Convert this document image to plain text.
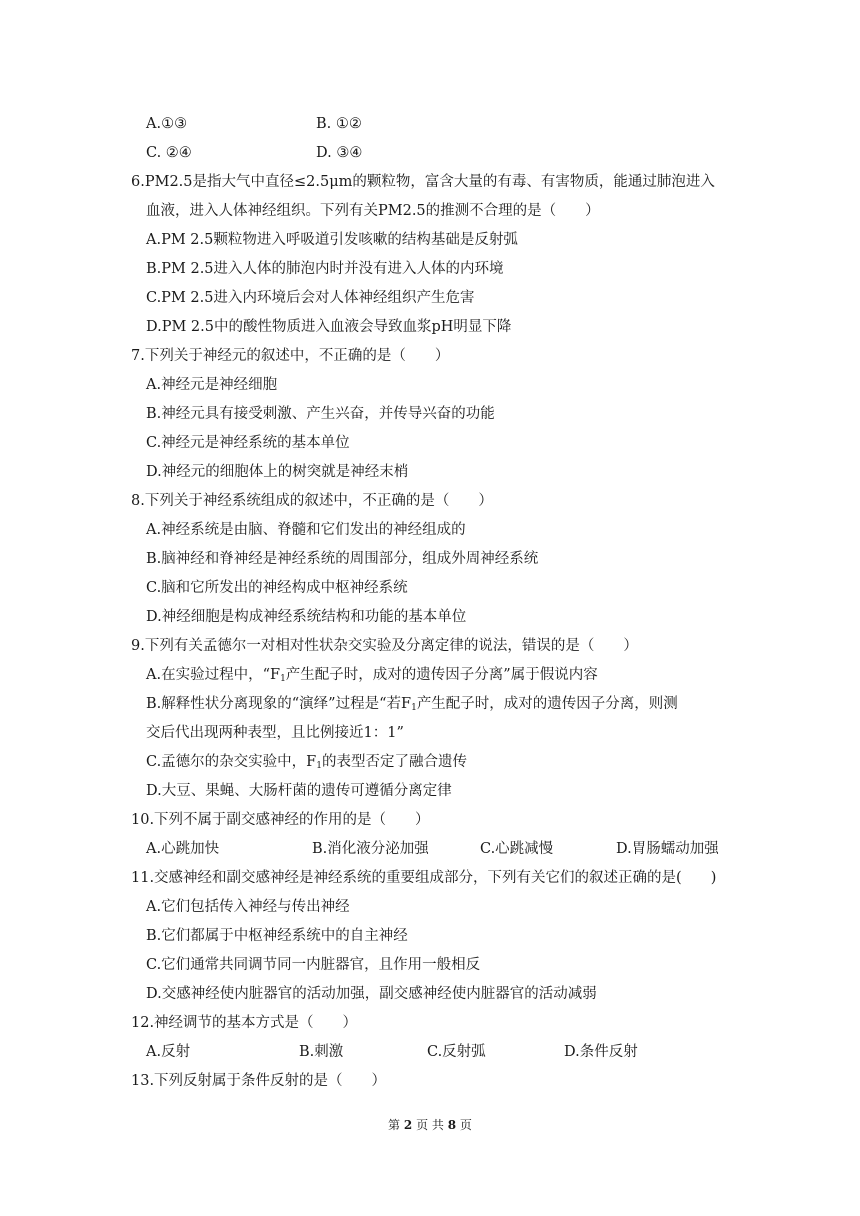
A.①③	B. ①②
C. ②④	D. ③④
6.PM2.5是指大气中直径≤2.5μm的颗粒物，富含大量的有毒、有害物质，能通过肺泡进入
血液，进入人体神经组织。下列有关PM2.5的推测不合理的是（　　）
A.PM 2.5颗粒物进入呼吸道引发咳嗽的结构基础是反射弧
B.PM 2.5进入人体的肺泡内时并没有进入人体的内环境
C.PM 2.5进入内环境后会对人体神经组织产生危害
D.PM 2.5中的酸性物质进入血液会导致血浆pH明显下降
7.下列关于神经元的叙述中，不正确的是（　　）
A.神经元是神经细胞
B.神经元具有接受刺激、产生兴奋，并传导兴奋的功能
C.神经元是神经系统的基本单位
D.神经元的细胞体上的树突就是神经末梢
8.下列关于神经系统组成的叙述中，不正确的是（　　）
A.神经系统是由脑、脊髓和它们发出的神经组成的
B.脑神经和脊神经是神经系统的周围部分，组成外周神经系统
C.脑和它所发出的神经构成中枢神经系统
D.神经细胞是构成神经系统结构和功能的基本单位
9.下列有关孟德尔一对相对性状杂交实验及分离定律的说法，错误的是（　　）
A.在实验过程中，“$F_1$产生配子时，成对的遗传因子分离”属于假说内容
B.解释性状分离现象的“演绎”过程是“若$F_1$产生配子时，成对的遗传因子分离，则测
交后代出现两种表型，且比例接近1：1”
C.孟德尔的杂交实验中，$F_1$的表型否定了融合遗传
D.大豆、果蝇、大肠杆菌的遗传可遵循分离定律
10.下列不属于副交感神经的作用的是（　　）
A.心跳加快	B.消化液分泌加强	C.心跳减慢	D.胃肠蠕动加强
11.交感神经和副交感神经是神经系统的重要组成部分，下列有关它们的叙述正确的是(　　)
A.它们包括传入神经与传出神经
B.它们都属于中枢神经系统中的自主神经
C.它们通常共同调节同一内脏器官，且作用一般相反
D.交感神经使内脏器官的活动加强，副交感神经使内脏器官的活动减弱
12.神经调节的基本方式是（　　）
A.反射	B.刺激	C.反射弧	D.条件反射
13.下列反射属于条件反射的是（　　）
第 2 页 共 8 页
